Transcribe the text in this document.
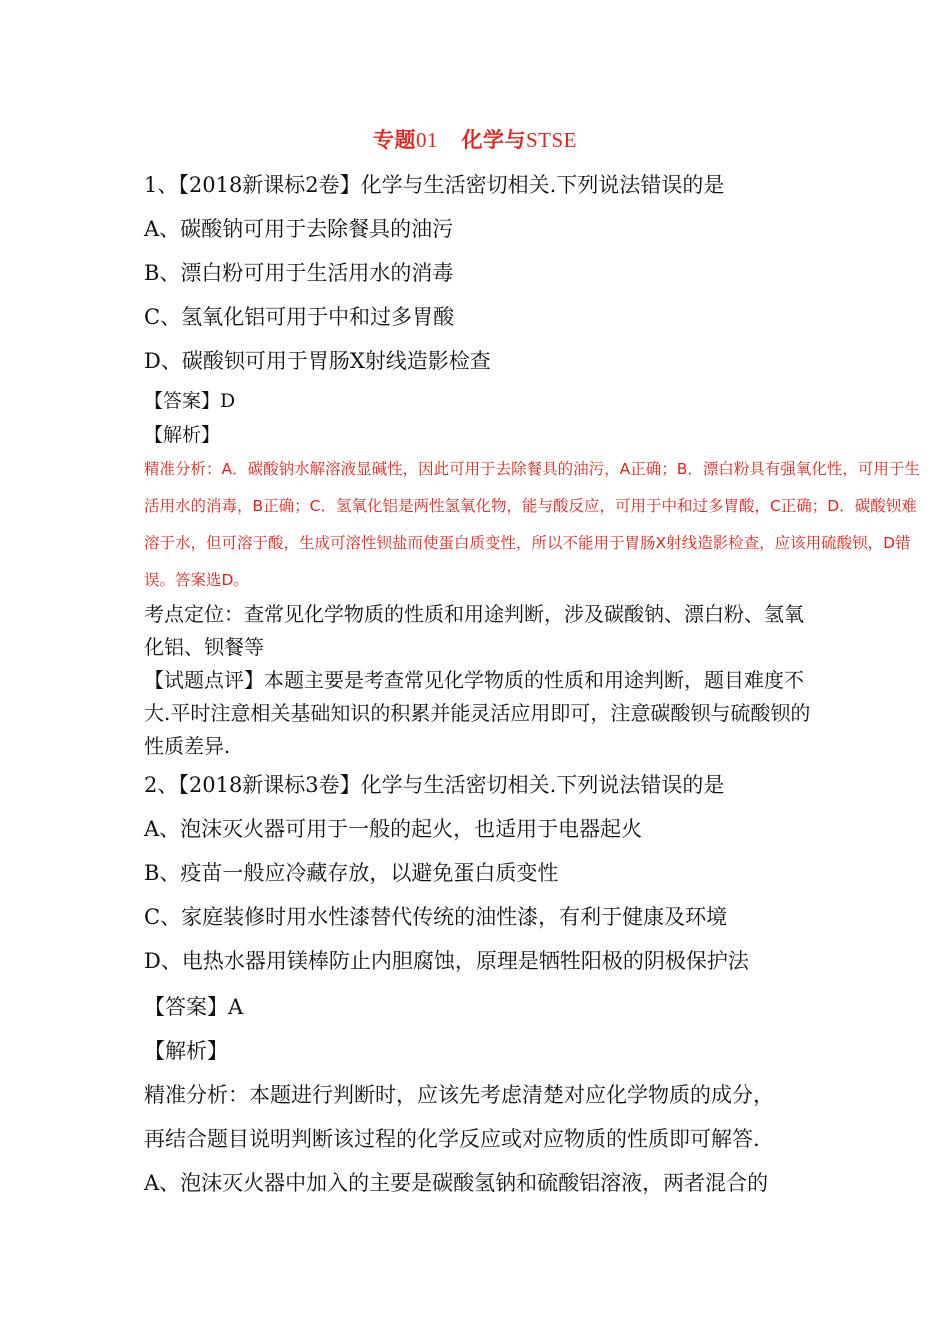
专题01 化学与STSE
1、【2018新课标2卷】化学与生活密切相关.下列说法错误的是
A、碳酸钠可用于去除餐具的油污
B、漂白粉可用于生活用水的消毒
C、氢氧化铝可用于中和过多胃酸
D、碳酸钡可用于胃肠X射线造影检查
【答案】D
【解析】
精准分析：A．碳酸钠水解溶液显碱性，因此可用于去除餐具的油污，A正确；B．漂白粉具有强氧化性，可用于生活用水的消毒，B正确；C．氢氧化铝是两性氢氧化物，能与酸反应，可用于中和过多胃酸，C正确；D．碳酸钡难溶于水，但可溶于酸，生成可溶性钡盐而使蛋白质变性，所以不能用于胃肠X射线造影检查，应该用硫酸钡，D错误。答案选D。
考点定位：查常见化学物质的性质和用途判断，涉及碳酸钠、漂白粉、氢氧化铝、钡餐等
【试题点评】本题主要是考查常见化学物质的性质和用途判断，题目难度不大.平时注意相关基础知识的积累并能灵活应用即可，注意碳酸钡与硫酸钡的性质差异.
2、【2018新课标3卷】化学与生活密切相关.下列说法错误的是
A、泡沫灭火器可用于一般的起火，也适用于电器起火
B、疫苗一般应冷藏存放，以避免蛋白质变性
C、家庭装修时用水性漆替代传统的油性漆，有利于健康及环境
D、电热水器用镁棒防止内胆腐蚀，原理是牺牲阳极的阴极保护法
【答案】A
【解析】
精准分析：本题进行判断时，应该先考虑清楚对应化学物质的成分，
再结合题目说明判断该过程的化学反应或对应物质的性质即可解答.
A、泡沫灭火器中加入的主要是碳酸氢钠和硫酸铝溶液，两者混合的
